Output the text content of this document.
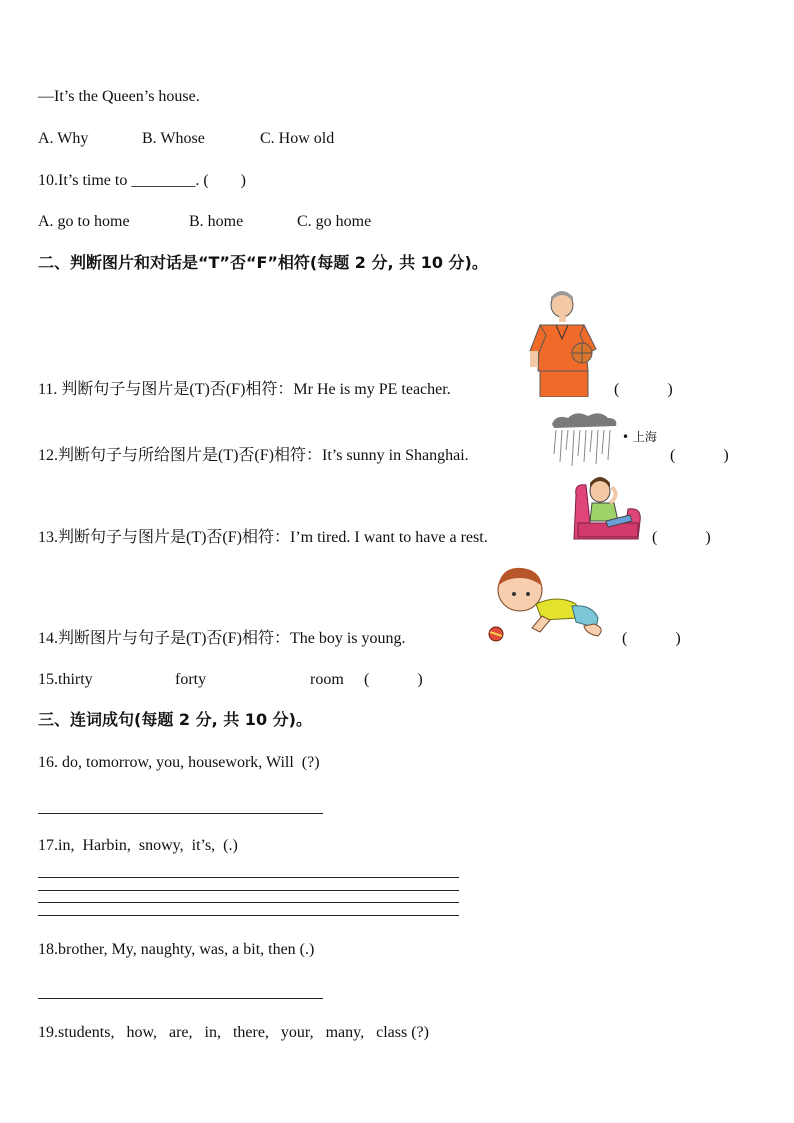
—It’s the Queen’s house.
A. Why	B. Whose	C. How old
10.It’s time to ________. (        )
A. go to home	B. home	C. go home
二、判断图片和对话是“T”否“F”相符(每题 2 分, 共 10 分)。
11. 判断句子与图片是(T)否(F)相符：Mr He is my PE teacher.	(            )
• 上海
12.判断句子与所给图片是(T)否(F)相符：It’s sunny in Shanghai.	(            )
13.判断句子与图片是(T)否(F)相符：I’m tired. I want to have a rest.	(            )
14.判断图片与句子是(T)否(F)相符：The boy is young.	(            )
15.thirty	forty	room (            )
三、连词成句(每题 2 分, 共 10 分)。
16. do, tomorrow, you, housework, Will  (?)
17.in,  Harbin,  snowy,  it’s,  (.)
18.brother, My, naughty, was, a bit, then (.)
19.students,   how,   are,   in,   there,   your,   many,   class (?)
